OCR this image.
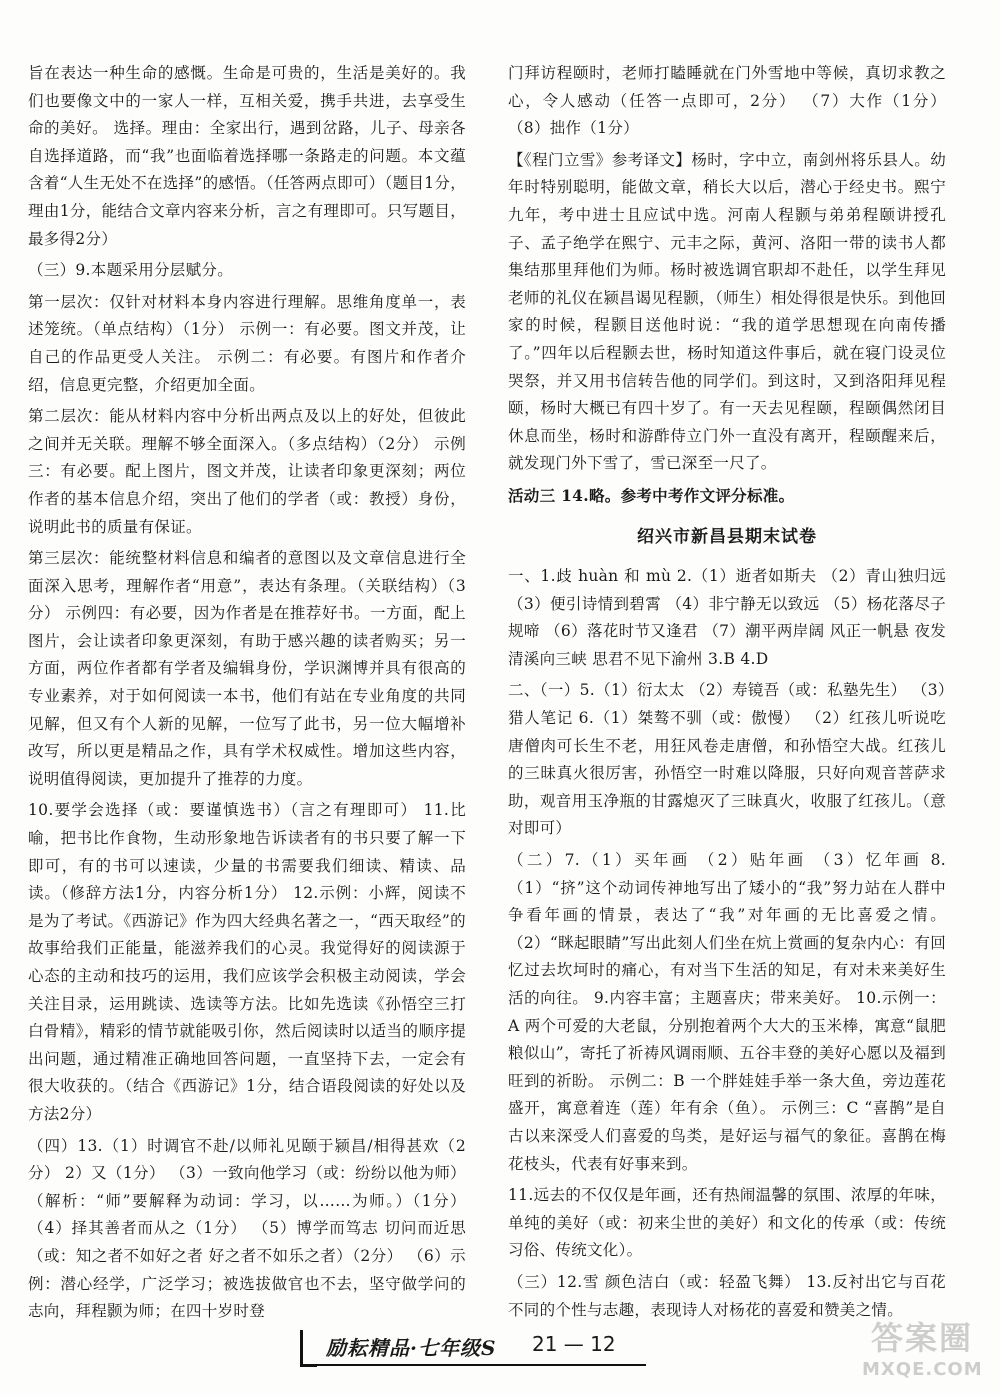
旨在表达一种生命的感慨。生命是可贵的，生活是美好的。我们也要像文中的一家人一样，互相关爱，携手共进，去享受生命的美好。 选择。理由：全家出行，遇到岔路，儿子、母亲各自选择道路，而“我”也面临着选择哪一条路走的问题。本文蕴含着“人生无处不在选择”的感悟。（任答两点即可）（题目1分，理由1分，能结合文章内容来分析，言之有理即可。只写题目，最多得2分）

（三）9.本题采用分层赋分。

第一层次：仅针对材料本身内容进行理解。思维角度单一，表述笼统。（单点结构）（1分） 示例一：有必要。图文并茂，让自己的作品更受人关注。 示例二：有必要。有图片和作者介绍，信息更完整，介绍更加全面。

第二层次：能从材料内容中分析出两点及以上的好处，但彼此之间并无关联。理解不够全面深入。（多点结构）（2分） 示例三：有必要。配上图片，图文并茂，让读者印象更深刻；两位作者的基本信息介绍，突出了他们的学者（或：教授）身份，说明此书的质量有保证。

第三层次：能统整材料信息和编者的意图以及文章信息进行全面深入思考，理解作者“用意”，表达有条理。（关联结构）（3分） 示例四：有必要，因为作者是在推荐好书。一方面，配上图片，会让读者印象更深刻，有助于感兴趣的读者购买；另一方面，两位作者都有学者及编辑身份，学识渊博并具有很高的专业素养，对于如何阅读一本书，他们有站在专业角度的共同见解，但又有个人新的见解，一位写了此书，另一位大幅增补改写，所以更是精品之作，具有学术权威性。增加这些内容，说明值得阅读，更加提升了推荐的力度。

10.要学会选择（或：要谨慎选书）（言之有理即可） 11.比喻，把书比作食物，生动形象地告诉读者有的书只要了解一下即可，有的书可以速读，少量的书需要我们细读、精读、品读。（修辞方法1分，内容分析1分） 12.示例：小辉，阅读不是为了考试。《西游记》作为四大经典名著之一，“西天取经”的故事给我们正能量，能滋养我们的心灵。我觉得好的阅读源于心态的主动和技巧的运用，我们应该学会积极主动阅读，学会关注目录，运用跳读、选读等方法。比如先选读《孙悟空三打白骨精》，精彩的情节就能吸引你，然后阅读时以适当的顺序提出问题，通过精准正确地回答问题，一直坚持下去，一定会有很大收获的。（结合《西游记》1分，结合语段阅读的好处以及方法2分）

（四）13.（1）时调官不赴/以师礼见颐于颍昌/相得甚欢（2分） 2）又（1分） （3）一致向他学习（或：纷纷以他为师）（解析：“师”要解释为动词：学习，以……为师。）（1分） （4）择其善者而从之（1分） （5）博学而笃志 切问而近思（或：知之者不如好之者 好之者不如乐之者）（2分） （6）示例：潜心经学，广泛学习；被选拔做官也不去，坚守做学问的志向，拜程颢为师；在四十岁时登

门拜访程颐时，老师打瞌睡就在门外雪地中等候，真切求教之心，令人感动（任答一点即可，2分） （7）大作（1分） （8）拙作（1分）

【《程门立雪》参考译文】杨时，字中立，南剑州将乐县人。幼年时特别聪明，能做文章，稍长大以后，潜心于经史书。熙宁九年，考中进士且应试中选。河南人程颢与弟弟程颐讲授孔子、孟子绝学在熙宁、元丰之际，黄河、洛阳一带的读书人都集结那里拜他们为师。杨时被选调官职却不赴任，以学生拜见老师的礼仪在颍昌谒见程颢，（师生）相处得很是快乐。到他回家的时候，程颢目送他时说：“我的道学思想现在向南传播了。”四年以后程颢去世，杨时知道这件事后，就在寝门设灵位哭祭，并又用书信转告他的同学们。到这时，又到洛阳拜见程颐，杨时大概已有四十岁了。有一天去见程颐，程颐偶然闭目休息而坐，杨时和游酢侍立门外一直没有离开，程颐醒来后，就发现门外下雪了，雪已深至一尺了。

活动三 14.略。参考中考作文评分标准。

绍兴市新昌县期末试卷

一、1.歧 huàn 和 mù 2.（1）逝者如斯夫 （2）青山独归远 （3）便引诗情到碧霄 （4）非宁静无以致远 （5）杨花落尽子规啼 （6）落花时节又逢君 （7）潮平两岸阔 风正一帆悬 夜发清溪向三峡 思君不见下渝州 3.B 4.D

二、（一）5.（1）衍太太 （2）寿镜吾（或：私塾先生） （3）猎人笔记 6.（1）桀骜不驯（或：傲慢） （2）红孩儿听说吃唐僧肉可长生不老，用狂风卷走唐僧，和孙悟空大战。红孩儿的三昧真火很厉害，孙悟空一时难以降服，只好向观音菩萨求助，观音用玉净瓶的甘露熄灭了三昧真火，收服了红孩儿。（意对即可）

（二）7.（1）买年画 （2）贴年画 （3）忆年画 8.（1）“挤”这个动词传神地写出了矮小的“我”努力站在人群中争看年画的情景，表达了“我”对年画的无比喜爱之情。 （2）“眯起眼睛”写出此刻人们坐在炕上赏画的复杂内心：有回忆过去坎坷时的痛心，有对当下生活的知足，有对未来美好生活的向往。 9.内容丰富；主题喜庆；带来美好。 10.示例一：A 两个可爱的大老鼠，分别抱着两个大大的玉米棒，寓意“鼠肥粮似山”，寄托了祈祷风调雨顺、五谷丰登的美好心愿以及福到旺到的祈盼。 示例二：B 一个胖娃娃手举一条大鱼，旁边莲花盛开，寓意着连（莲）年有余（鱼）。 示例三：C “喜鹊”是自古以来深受人们喜爱的鸟类，是好运与福气的象征。喜鹊在梅花枝头，代表有好事来到。

11.远去的不仅仅是年画，还有热闹温馨的氛围、浓厚的年味，单纯的美好（或：初来尘世的美好）和文化的传承（或：传统习俗、传统文化）。

（三）12.雪 颜色洁白（或：轻盈飞舞） 13.反衬出它与百花不同的个性与志趣，表现诗人对杨花的喜爱和赞美之情。

励耘精品·七年级S 21 — 12	答案圈
MXQE.COM
